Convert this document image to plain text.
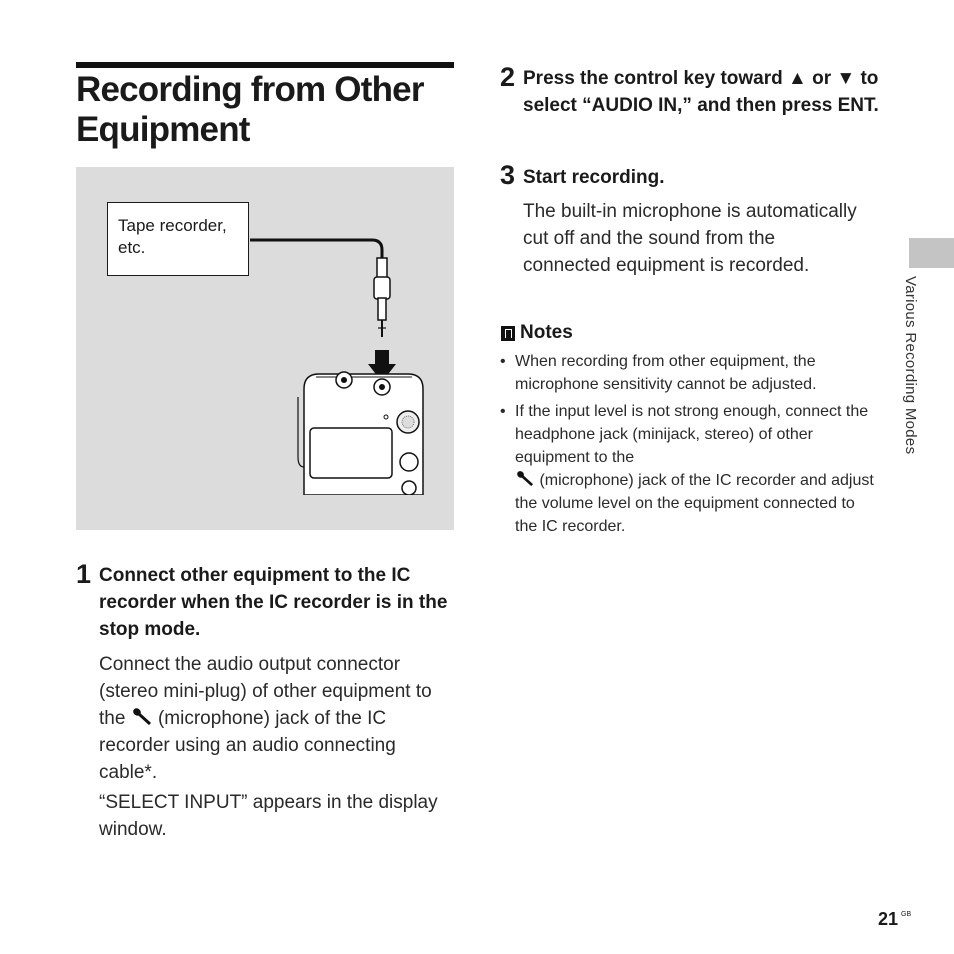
Recording from Other Equipment
Tape recorder, etc.
1 Connect other equipment to the IC recorder when the IC recorder is in the stop mode.

Connect the audio output connector (stereo mini-plug) of other equipment to the  (microphone) jack of the IC recorder using an audio connecting cable*.

“SELECT INPUT” appears in the display window.

2 Press the control key toward ▲ or ▼ to select “AUDIO IN,” and then press ENT.

3 Start recording.

The built-in microphone is automatically cut off and the sound from the connected equipment is recorded.

Notes
• When recording from other equipment, the microphone sensitivity cannot be adjusted.
• If the input level is not strong enough, connect the headphone jack (minijack, stereo) of other equipment to the
(microphone) jack of the IC recorder and adjust the volume level on the equipment connected to the IC recorder.
Various Recording Modes
21 GB
